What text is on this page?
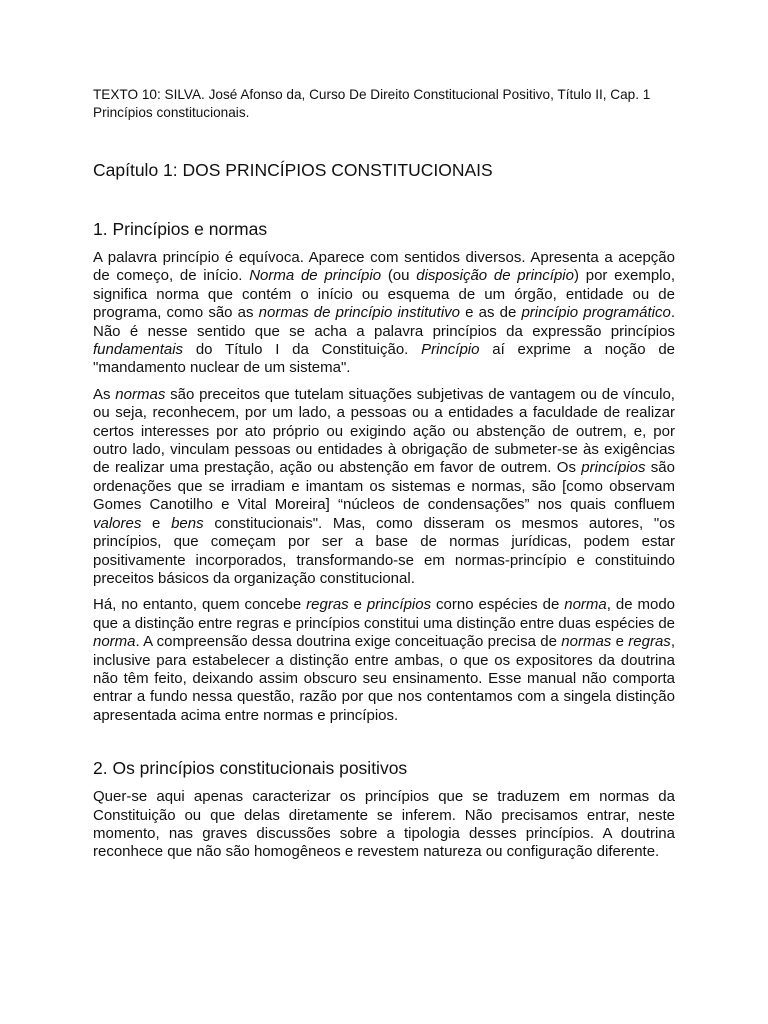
TEXTO 10: SILVA. José Afonso da, Curso De Direito Constitucional Positivo, Título II, Cap. 1 Princípios constitucionais.

Capítulo 1: DOS PRINCÍPIOS CONSTITUCIONAIS
1. Princípios e normas

A palavra princípio é equívoca. Aparece com sentidos diversos. Apresenta a acepção de começo, de início. Norma de princípio (ou disposição de princípio) por exemplo, significa norma que contém o início ou esquema de um órgão, entidade ou de programa, como são as normas de princípio institutivo e as de princípio programático. Não é nesse sentido que se acha a palavra princípios da expressão princípios fundamentais do Título I da Constituição. Princípio aí exprime a noção de "mandamento nuclear de um sistema".

As normas são preceitos que tutelam situações subjetivas de vantagem ou de vínculo, ou seja, reconhecem, por um lado, a pessoas ou a entidades a faculdade de realizar certos interesses por ato próprio ou exigindo ação ou abstenção de outrem, e, por outro lado, vinculam pessoas ou entidades à obrigação de submeter-se às exigências de realizar uma prestação, ação ou abstenção em favor de outrem. Os princípios são ordenações que se irradiam e imantam os sistemas e normas, são [como observam Gomes Canotilho e Vital Moreira] “núcleos de condensações” nos quais confluem valores e bens constitucionais". Mas, como disseram os mesmos autores, "os princípios, que começam por ser a base de normas jurídicas, podem estar positivamente incorporados, transformando-se em normas-princípio e constituindo preceitos básicos da organização constitucional.

Há, no entanto, quem concebe regras e princípios corno espécies de norma, de modo que a distinção entre regras e princípios constitui uma distinção entre duas espécies de norma. A compreensão dessa doutrina exige conceituação precisa de normas e regras, inclusive para estabelecer a distinção entre ambas, o que os expositores da doutrina não têm feito, deixando assim obscuro seu ensinamento. Esse manual não comporta entrar a fundo nessa questão, razão por que nos contentamos com a singela distinção apresentada acima entre normas e princípios.

2. Os princípios constitucionais positivos

Quer-se aqui apenas caracterizar os princípios que se traduzem em normas da Constituição ou que delas diretamente se inferem. Não precisamos entrar, neste momento, nas graves discussões sobre a tipologia desses princípios. A doutrina reconhece que não são homogêneos e revestem natureza ou configuração diferente.
